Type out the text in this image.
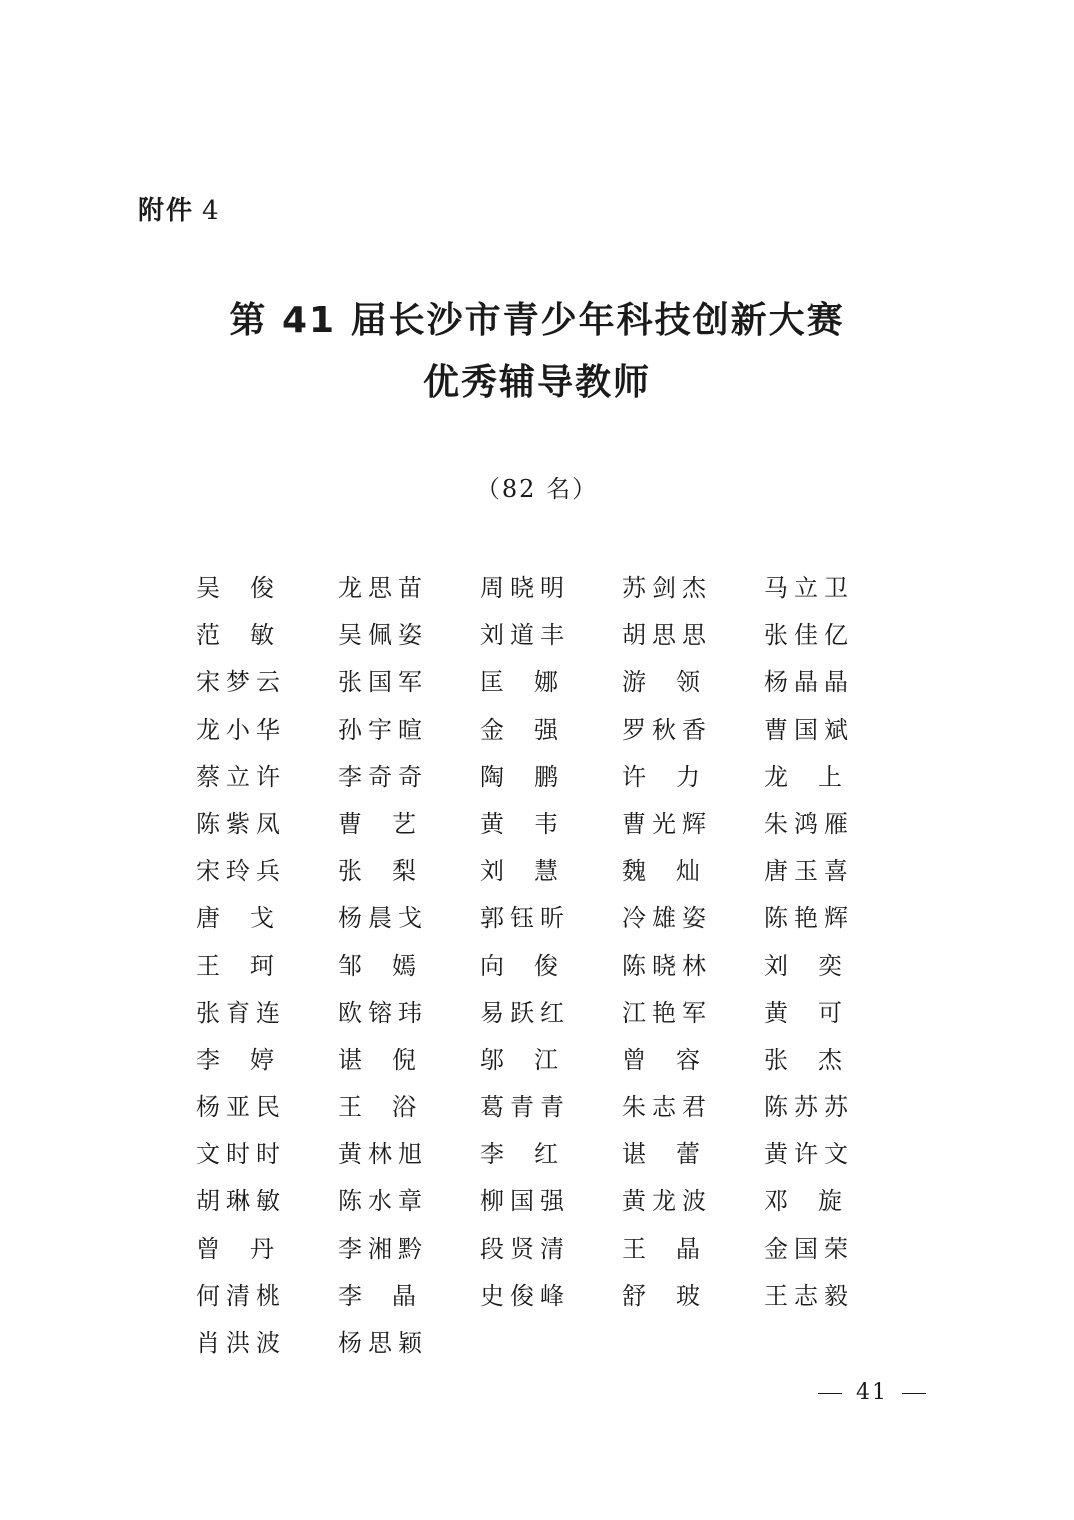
附件 4
第 41 届长沙市青少年科技创新大赛
优秀辅导教师
（82 名）
吴俊	龙思苗	周晓明	苏剑杰	马立卫
范敏	吴佩姿	刘道丰	胡思思	张佳亿
宋梦云	张国军	匡娜	游领	杨晶晶
龙小华	孙宇暄	金强	罗秋香	曹国斌
蔡立许	李奇奇	陶鹏	许力	龙上
陈紫凤	曹艺	黄韦	曹光辉	朱鸿雁
宋玲兵	张梨	刘慧	魏灿	唐玉喜
唐戈	杨晨戈	郭钰昕	冷雄姿	陈艳辉
王珂	邹嫣	向俊	陈晓林	刘奕
张育连	欧镕玮	易跃红	江艳军	黄可
李婷	谌倪	邬江	曾容	张杰
杨亚民	王浴	葛青青	朱志君	陈苏苏
文时时	黄林旭	李红	谌蕾	黄许文
胡琳敏	陈水章	柳国强	黄龙波	邓旋
曾丹	李湘黔	段贤清	王晶	金国荣
何清桃	李晶	史俊峰	舒玻	王志毅
肖洪波	杨思颖
41
